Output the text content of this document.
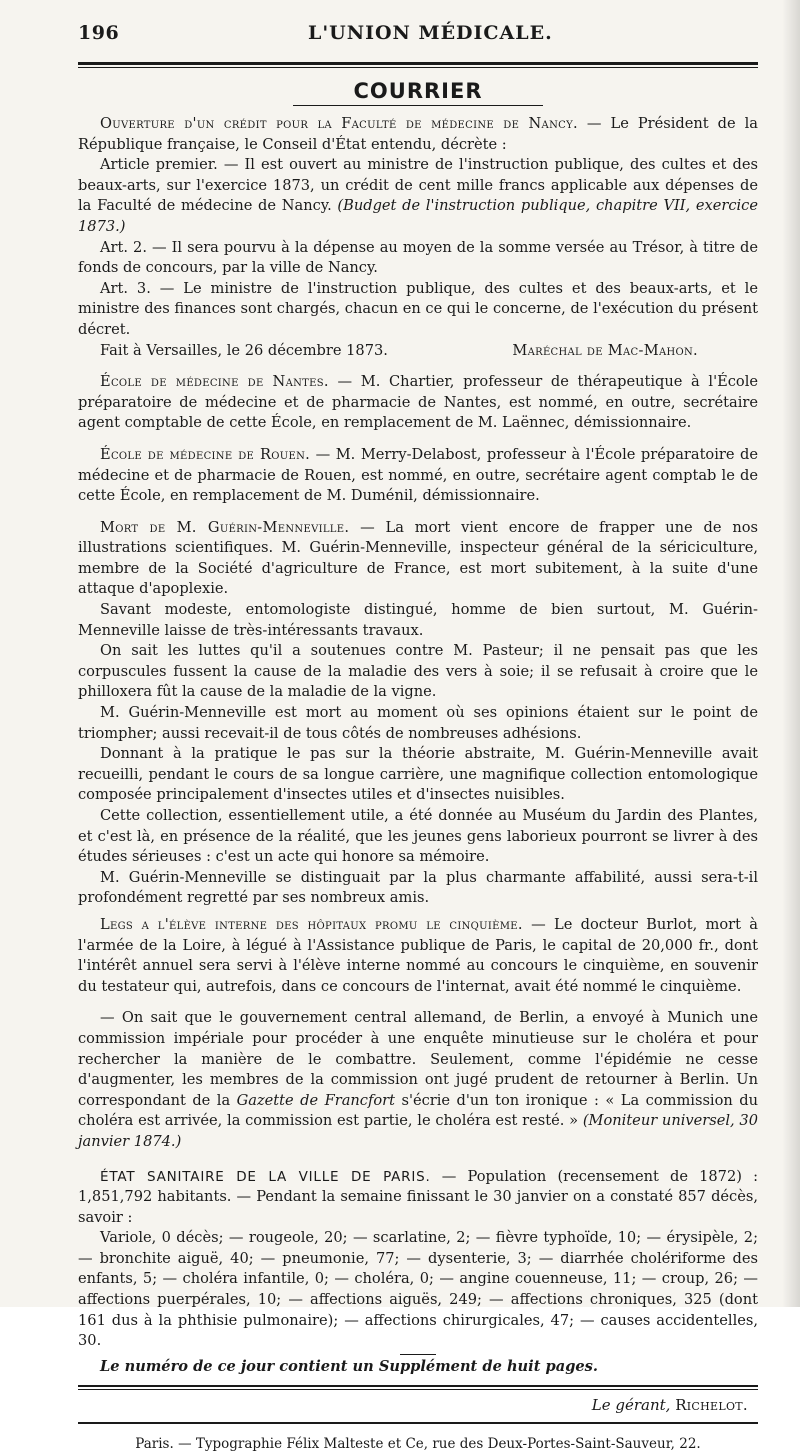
196	L'UNION MÉDICALE.
COURRIER

Ouverture d'un crédit pour la Faculté de médecine de Nancy. — Le Président de la République française, le Conseil d'État entendu, décrète :

Article premier. — Il est ouvert au ministre de l'instruction publique, des cultes et des beaux-arts, sur l'exercice 1873, un crédit de cent mille francs applicable aux dépenses de la Faculté de médecine de Nancy. (Budget de l'instruction publique, chapitre VII, exercice 1873.)

Art. 2. — Il sera pourvu à la dépense au moyen de la somme versée au Trésor, à titre de fonds de concours, par la ville de Nancy.

Art. 3. — Le ministre de l'instruction publique, des cultes et des beaux-arts, et le ministre des finances sont chargés, chacun en ce qui le concerne, de l'exécution du présent décret.

Fait à Versailles, le 26 décembre 1873.	Maréchal de Mac-Mahon.

École de médecine de Nantes. — M. Chartier, professeur de thérapeutique à l'École préparatoire de médecine et de pharmacie de Nantes, est nommé, en outre, secrétaire agent comptable de cette École, en remplacement de M. Laënnec, démissionnaire.

École de médecine de Rouen. — M. Merry-Delabost, professeur à l'École préparatoire de médecine et de pharmacie de Rouen, est nommé, en outre, secrétaire agent comptab le de cette École, en remplacement de M. Duménil, démissionnaire.

Mort de M. Guérin-Menneville. — La mort vient encore de frapper une de nos illustrations scientifiques. M. Guérin-Menneville, inspecteur général de la sériciculture, membre de la Société d'agriculture de France, est mort subitement, à la suite d'une attaque d'apoplexie.

Savant modeste, entomologiste distingué, homme de bien surtout, M. Guérin-Menneville laisse de très-intéressants travaux.

On sait les luttes qu'il a soutenues contre M. Pasteur; il ne pensait pas que les corpuscules fussent la cause de la maladie des vers à soie; il se refusait à croire que le philloxera fût la cause de la maladie de la vigne.

M. Guérin-Menneville est mort au moment où ses opinions étaient sur le point de triompher; aussi recevait-il de tous côtés de nombreuses adhésions.

Donnant à la pratique le pas sur la théorie abstraite, M. Guérin-Menneville avait recueilli, pendant le cours de sa longue carrière, une magnifique collection entomologique composée principalement d'insectes utiles et d'insectes nuisibles.

Cette collection, essentiellement utile, a été donnée au Muséum du Jardin des Plantes, et c'est là, en présence de la réalité, que les jeunes gens laborieux pourront se livrer à des études sérieuses : c'est un acte qui honore sa mémoire.

M. Guérin-Menneville se distinguait par la plus charmante affabilité, aussi sera-t-il profondément regretté par ses nombreux amis.

Legs a l'élève interne des hôpitaux promu le cinquième. — Le docteur Burlot, mort à l'armée de la Loire, à légué à l'Assistance publique de Paris, le capital de 20,000 fr., dont l'intérêt annuel sera servi à l'élève interne nommé au concours le cinquième, en souvenir du testateur qui, autrefois, dans ce concours de l'internat, avait été nommé le cinquième.

— On sait que le gouvernement central allemand, de Berlin, a envoyé à Munich une commission impériale pour procéder à une enquête minutieuse sur le choléra et pour rechercher la manière de le combattre. Seulement, comme l'épidémie ne cesse d'augmenter, les membres de la commission ont jugé prudent de retourner à Berlin. Un correspondant de la Gazette de Francfort s'écrie d'un ton ironique : « La commission du choléra est arrivée, la commission est partie, le choléra est resté. » (Moniteur universel, 30 janvier 1874.)

ÉTAT SANITAIRE DE LA VILLE DE PARIS. — Population (recensement de 1872) : 1,851,792 habitants. — Pendant la semaine finissant le 30 janvier on a constaté 857 décès, savoir :

Variole, 0 décès; — rougeole, 20; — scarlatine, 2; — fièvre typhoïde, 10; — érysipèle, 2; — bronchite aiguë, 40; — pneumonie, 77; — dysenterie, 3; — diarrhée cholériforme des enfants, 5; — choléra infantile, 0; — choléra, 0; — angine couenneuse, 11; — croup, 26; — affections puerpérales, 10; — affections aiguës, 249; — affections chroniques, 325 (dont 161 dus à la phthisie pulmonaire); — affections chirurgicales, 47; — causes accidentelles, 30.

Le numéro de ce jour contient un Supplément de huit pages.

Le gérant, Richelot.

Paris. — Typographie Félix Malteste et Ce, rue des Deux-Portes-Saint-Sauveur, 22.
